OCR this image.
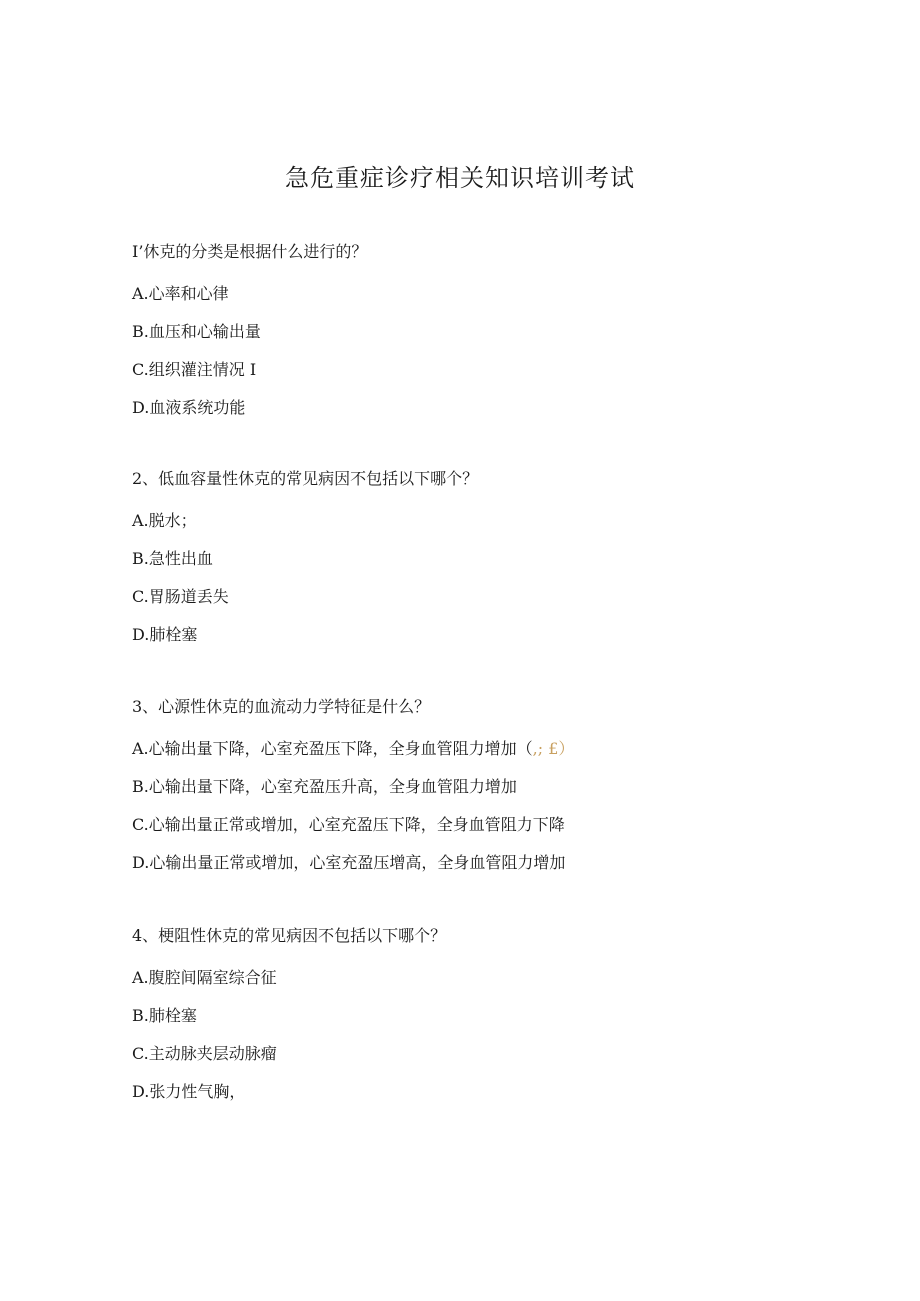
急危重症诊疗相关知识培训考试
I’休克的分类是根据什么进行的？
A.心率和心律
B.血压和心输出量
C.组织灌注情况 I
D.血液系统功能
2、低血容量性休克的常见病因不包括以下哪个？
A.脱水；
B.急性出血
C.胃肠道丢失
D.肺栓塞
3、心源性休克的血流动力学特征是什么？
A.心输出量下降，心室充盈压下降，全身血管阻力增加（,; £）
B.心输出量下降，心室充盈压升高，全身血管阻力增加
C.心输出量正常或增加，心室充盈压下降，全身血管阻力下降
D.心输出量正常或增加，心室充盈压增高，全身血管阻力增加
4、梗阻性休克的常见病因不包括以下哪个？
A.腹腔间隔室综合征
B.肺栓塞
C.主动脉夹层动脉瘤
D.张力性气胸，
